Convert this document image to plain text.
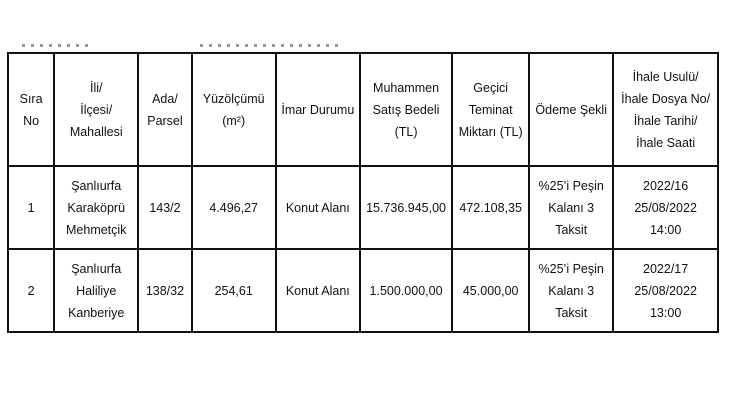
Sıra
No	İli/
İlçesi/
Mahallesi	Ada/
Parsel	Yüzölçümü
(m²)	İmar Durumu	Muhammen
Satış Bedeli
(TL)	Geçici
Teminat
Miktarı (TL)	Ödeme Şekli	İhale Usulü/
İhale Dosya No/
İhale Tarihi/
İhale Saati

1	Şanlıurfa
Karaköprü
Mehmetçik	143/2	4.496,27	Konut Alanı	15.736.945,00	472.108,35	%25’i Peşin
Kalanı 3
Taksit	2022/16
25/08/2022
14:00

2	Şanlıurfa
Haliliye
Kanberiye	138/32	254,61	Konut Alanı	1.500.000,00	45.000,00	%25’i Peşin
Kalanı 3
Taksit	2022/17
25/08/2022
13:00
